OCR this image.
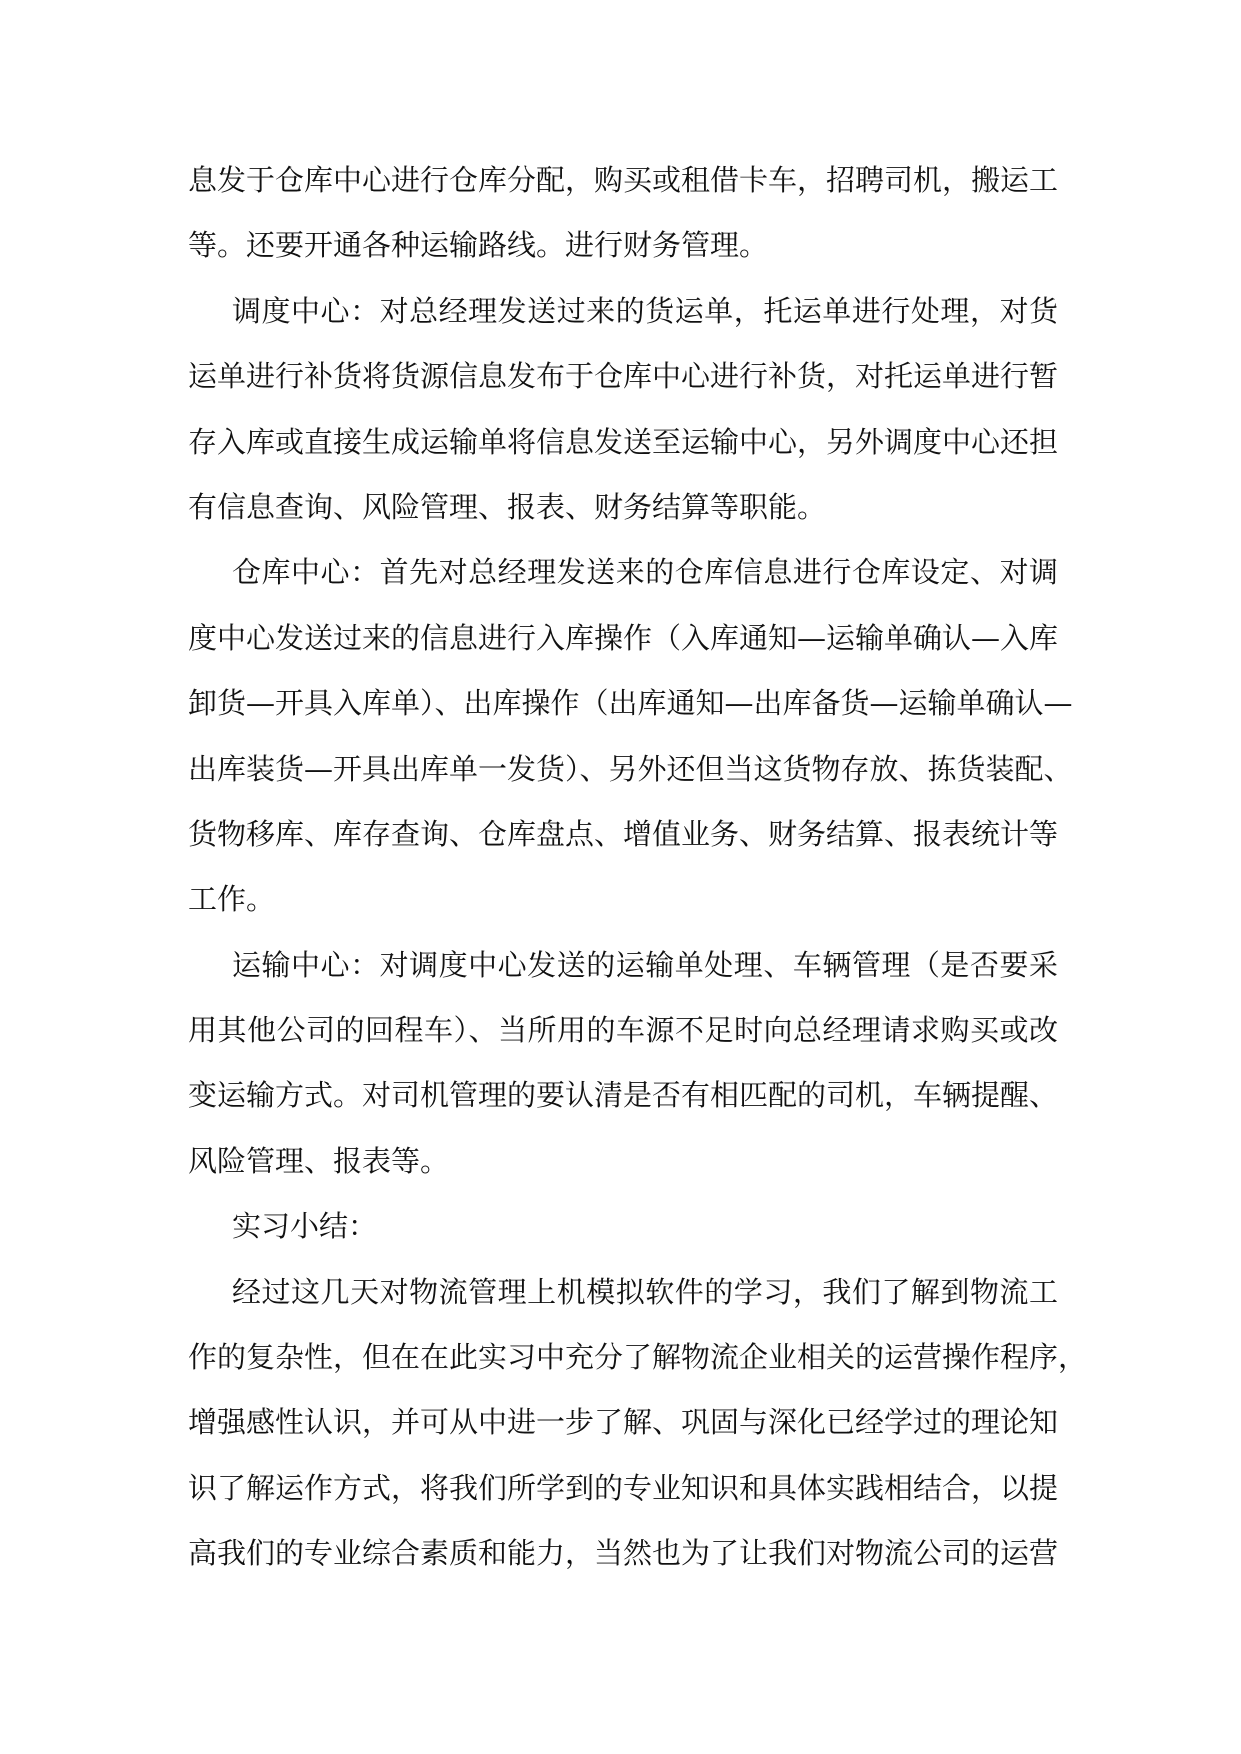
息发于仓库中心进行仓库分配，购买或租借卡车，招聘司机，搬运工
等。还要开通各种运输路线。进行财务管理。
调度中心：对总经理发送过来的货运单，托运单进行处理，对货
运单进行补货将货源信息发布于仓库中心进行补货，对托运单进行暂
存入库或直接生成运输单将信息发送至运输中心，另外调度中心还担
有信息查询、风险管理、报表、财务结算等职能。
仓库中心：首先对总经理发送来的仓库信息进行仓库设定、对调
度中心发送过来的信息进行入库操作（入库通知—运输单确认—入库
卸货—开具入库单）、出库操作（出库通知—出库备货—运输单确认—
出库装货—开具出库单一发货）、另外还但当这货物存放、拣货装配、
货物移库、库存查询、仓库盘点、增值业务、财务结算、报表统计等
工作。
运输中心：对调度中心发送的运输单处理、车辆管理（是否要采
用其他公司的回程车）、当所用的车源不足时向总经理请求购买或改
变运输方式。对司机管理的要认清是否有相匹配的司机，车辆提醒、
风险管理、报表等。
实习小结：
经过这几天对物流管理上机模拟软件的学习，我们了解到物流工
作的复杂性，但在在此实习中充分了解物流企业相关的运营操作程序，
增强感性认识，并可从中进一步了解、巩固与深化已经学过的理论知
识了解运作方式，将我们所学到的专业知识和具体实践相结合，以提
高我们的专业综合素质和能力，当然也为了让我们对物流公司的运营
